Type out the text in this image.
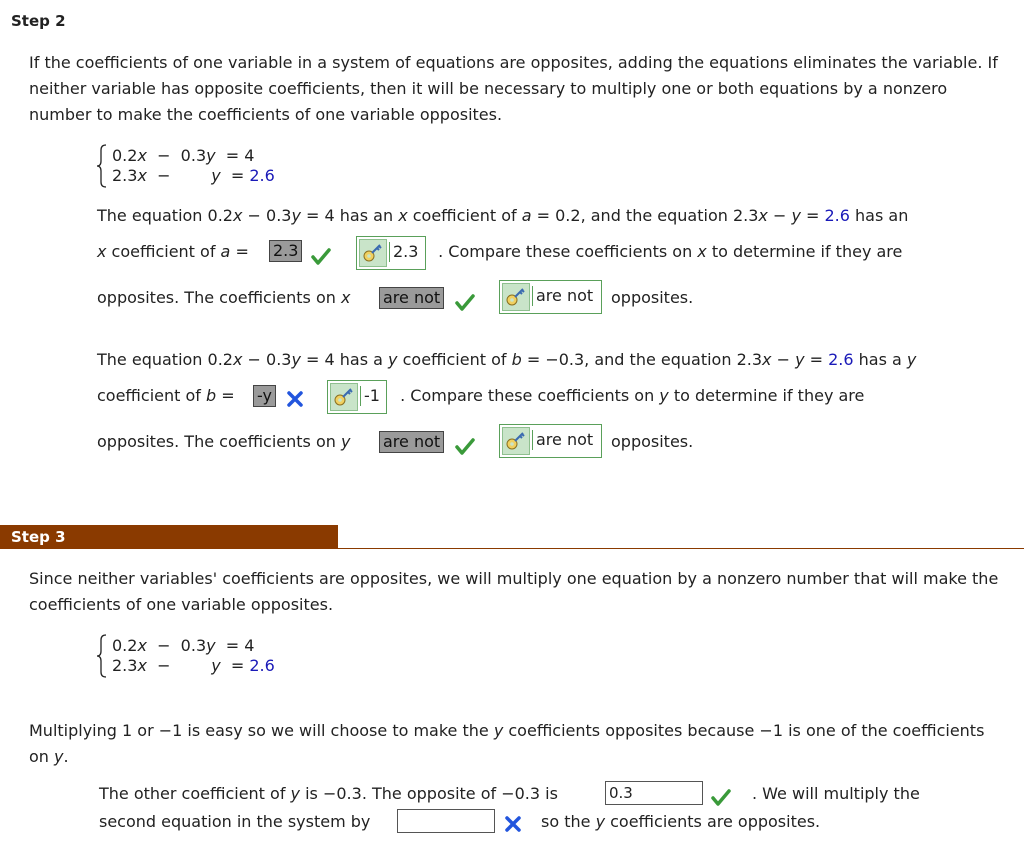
Step 2
If the coefficients of one variable in a system of equations are opposites, adding the equations eliminates the variable. If neither variable has opposite coefficients, then it will be necessary to multiply one or both equations by a nonzero number to make the coefficients of one variable opposites.
0.2x − 0.3y = 4
2.3x −	y = 2.6
The equation 0.2x − 0.3y = 4 has an x coefficient of a = 0.2, and the equation 2.3x − y = 2.6 has an
x coefficient of a = 2.3	2.3	. Compare these coefficients on x to determine if they are
opposites. The coefficients on x are not	are not opposites.
The equation 0.2x − 0.3y = 4 has a y coefficient of b = −0.3, and the equation 2.3x − y = 2.6 has a y
coefficient of b = -y	-1	. Compare these coefficients on y to determine if they are
opposites. The coefficients on y are not	are not opposites.
Step 3
Since neither variables' coefficients are opposites, we will multiply one equation by a nonzero number that will make the coefficients of one variable opposites.
0.2x − 0.3y = 4
2.3x −	y = 2.6
Multiplying 1 or −1 is easy so we will choose to make the y coefficients opposites because −1 is one of the coefficients on y.
The other coefficient of y is −0.3. The opposite of −0.3 is	0.3	. We will multiply the
second equation in the system by	so the y coefficients are opposites.
